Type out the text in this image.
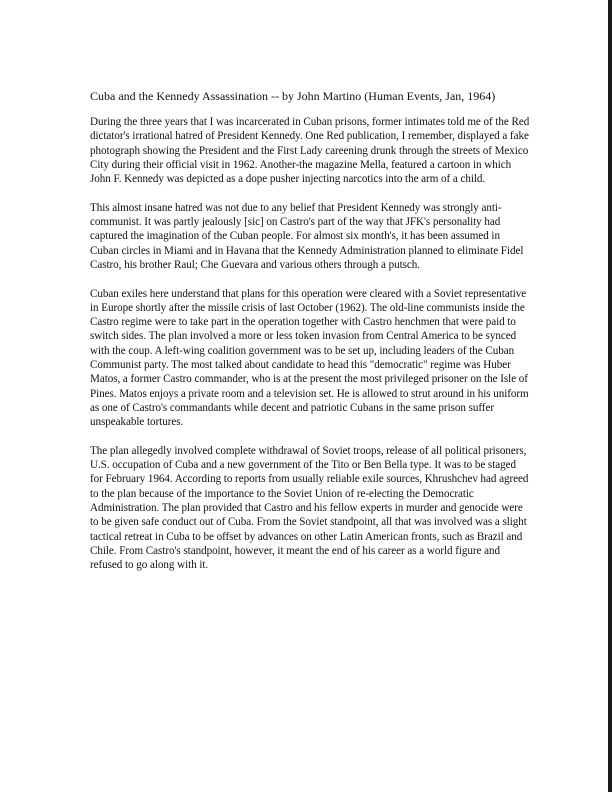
Cuba and the Kennedy Assassination -- by John Martino (Human Events, Jan, 1964)

During the three years that I was incarcerated in Cuban prisons, former intimates told me of the Red dictator's irrational hatred of President Kennedy. One Red publication, I remember, displayed a fake photograph showing the President and the First Lady careening drunk through the streets of Mexico City during their official visit in 1962. Another-the magazine Mella, featured a cartoon in which John F. Kennedy was depicted as a dope pusher injecting narcotics into the arm of a child.

This almost insane hatred was not due to any belief that President Kennedy was strongly anti-communist. It was partly jealously [sic] on Castro's part of the way that JFK's personality had captured the imagination of the Cuban people. For almost six month's, it has been assumed in Cuban circles in Miami and in Havana that the Kennedy Administration planned to eliminate Fidel Castro, his brother Raul; Che Guevara and various others through a putsch.

Cuban exiles here understand that plans for this operation were cleared with a Soviet representative in Europe shortly after the missile crisis of last October (1962). The old-line communists inside the Castro regime were to take part in the operation together with Castro henchmen that were paid to switch sides. The plan involved a more or less token invasion from Central America to be synced with the coup. A left-wing coalition government was to be set up, including leaders of the Cuban Communist party. The most talked about candidate to head this "democratic" regime was Huber Matos, a former Castro commander, who is at the present the most privileged prisoner on the Isle of Pines. Matos enjoys a private room and a television set. He is allowed to strut around in his uniform as one of Castro's commandants while decent and patriotic Cubans in the same prison suffer unspeakable tortures.

The plan allegedly involved complete withdrawal of Soviet troops, release of all political prisoners, U.S. occupation of Cuba and a new government of the Tito or Ben Bella type. It was to be staged for February 1964. According to reports from usually reliable exile sources, Khrushchev had agreed to the plan because of the importance to the Soviet Union of re-electing the Democratic Administration. The plan provided that Castro and his fellow experts in murder and genocide were to be given safe conduct out of Cuba. From the Soviet standpoint, all that was involved was a slight tactical retreat in Cuba to be offset by advances on other Latin American fronts, such as Brazil and Chile. From Castro's standpoint, however, it meant the end of his career as a world figure and refused to go along with it.
